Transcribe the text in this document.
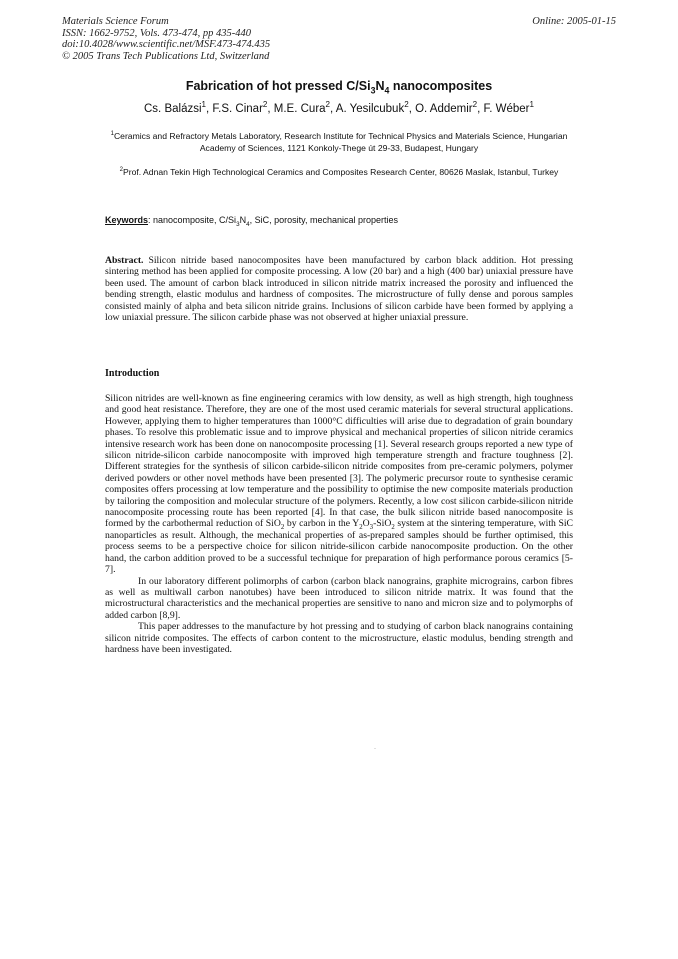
Materials Science Forum
ISSN: 1662-9752, Vols. 473-474, pp 435-440
doi:10.4028/www.scientific.net/MSF.473-474.435
© 2005 Trans Tech Publications Ltd, Switzerland
Online: 2005-01-15
Fabrication of hot pressed $C/Si_3N_4$ nanocomposites
Cs. Balázsi$^1$, F.S. Cinar$^2$, M.E. Cura$^2$, A. Yesilcubuk$^2$, O. Addemir$^2$, F. Wéber$^1$
$^1$Ceramics and Refractory Metals Laboratory, Research Institute for Technical Physics and Materials Science, Hungarian Academy of Sciences, 1121 Konkoly-Thege út 29-33, Budapest, Hungary
$^2$Prof. Adnan Tekin High Technological Ceramics and Composites Research Center, 80626 Maslak, Istanbul, Turkey
Keywords: nanocomposite, $C/Si_3N_4$, SiC, porosity, mechanical properties
Abstract. Silicon nitride based nanocomposites have been manufactured by carbon black addition. Hot pressing sintering method has been applied for composite processing. A low (20 bar) and a high (400 bar) uniaxial pressure have been used. The amount of carbon black introduced in silicon nitride matrix increased the porosity and influenced the bending strength, elastic modulus and hardness of composites. The microstructure of fully dense and porous samples consisted mainly of alpha and beta silicon nitride grains. Inclusions of silicon carbide have been formed by applying a low uniaxial pressure. The silicon carbide phase was not observed at higher uniaxial pressure.
Introduction

Silicon nitrides are well-known as fine engineering ceramics with low density, as well as high strength, high toughness and good heat resistance. Therefore, they are one of the most used ceramic materials for several structural applications. However, applying them to higher temperatures than 1000°C difficulties will arise due to degradation of grain boundary phases. To resolve this problematic issue and to improve physical and mechanical properties of silicon nitride ceramics intensive research work has been done on nanocomposite processing [1]. Several research groups reported a new type of silicon nitride-silicon carbide nanocomposite with improved high temperature strength and fracture toughness [2]. Different strategies for the synthesis of silicon carbide-silicon nitride composites from pre-ceramic polymers, polymer derived powders or other novel methods have been presented [3]. The polymeric precursor route to synthesise ceramic composites offers processing at low temperature and the possibility to optimise the new composite materials production by tailoring the composition and molecular structure of the polymers. Recently, a low cost silicon carbide-silicon nitride nanocomposite processing route has been reported [4]. In that case, the bulk silicon nitride based nanocomposite is formed by the carbothermal reduction of SiO$_2$ by carbon in the $Y_2O_3-SiO_2$ system at the sintering temperature, with SiC nanoparticles as result. Although, the mechanical properties of as-prepared samples should be further optimised, this process seems to be a perspective choice for silicon nitride-silicon carbide nanocomposite production. On the other hand, the carbon addition proved to be a successful technique for preparation of high performance porous ceramics [5-7].

In our laboratory different polimorphs of carbon (carbon black nanograins, graphite micrograins, carbon fibres as well as multiwall carbon nanotubes) have been introduced to silicon nitride matrix. It was found that the microstructural characteristics and the mechanical properties are sensitive to nano and micron size and to polymorphs of added carbon [8,9].

This paper addresses to the manufacture by hot pressing and to studying of carbon black nanograins containing silicon nitride composites. The effects of carbon content to the microstructure, elastic modulus, bending strength and hardness have been investigated.

·
